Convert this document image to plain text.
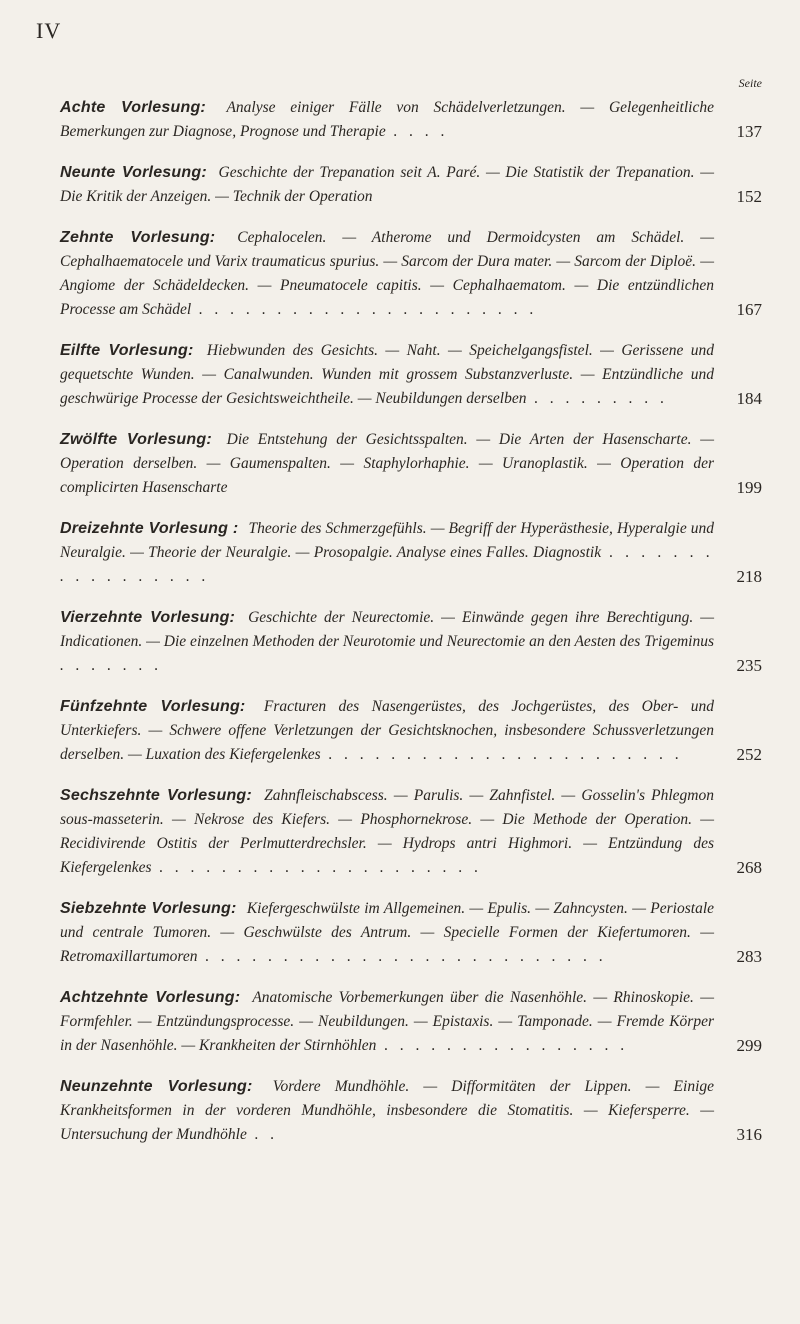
IV
Seite
Achte Vorlesung: Analyse einiger Fälle von Schädelverletzungen. — Gelegenheitliche Bemerkungen zur Diagnose, Prognose und Therapie . . . .	137
Neunte Vorlesung: Geschichte der Trepanation seit A. Paré. — Die Statistik der Trepanation. — Die Kritik der Anzeigen. — Technik der Operation	152
Zehnte Vorlesung: Cephalocelen. — Atherome und Dermoidcysten am Schädel. — Cephalhaematocele und Varix traumaticus spurius. — Sarcom der Dura mater. — Sarcom der Diploë. — Angiome der Schädeldecken. — Pneumatocele capitis. — Cephalhaematom. — Die entzündlichen Processe am Schädel . . . . . . . . . . . . . . . . . . . . . .	167
Eilfte Vorlesung: Hiebwunden des Gesichts. — Naht. — Speichelgangsfistel. — Gerissene und gequetschte Wunden. — Canalwunden. Wunden mit grossem Substanzverluste. — Entzündliche und geschwürige Processe der Gesichtsweichtheile. — Neubildungen derselben . . . . . . . . .	184
Zwölfte Vorlesung: Die Entstehung der Gesichtsspalten. — Die Arten der Hasenscharte. — Operation derselben. — Gaumenspalten. — Staphylorhaphie. — Uranoplastik. — Operation der complicirten Hasenscharte	199
Dreizehnte Vorlesung : Theorie des Schmerzgefühls. — Begriff der Hyperästhesie, Hyperalgie und Neuralgie. — Theorie der Neuralgie. — Prosopalgie. Analyse eines Falles. Diagnostik . . . . . . . . . . . . . . . . .	218
Vierzehnte Vorlesung: Geschichte der Neurectomie. — Einwände gegen ihre Berechtigung. — Indicationen. — Die einzelnen Methoden der Neurotomie und Neurectomie an den Aesten des Trigeminus . . . . . . .	235
Fünfzehnte Vorlesung: Fracturen des Nasengerüstes, des Jochgerüstes, des Ober- und Unterkiefers. — Schwere offene Verletzungen der Gesichtsknochen, insbesondere Schussverletzungen derselben. — Luxation des Kiefergelenkes . . . . . . . . . . . . . . . . . . . . . . .	252
Sechszehnte Vorlesung: Zahnfleischabscess. — Parulis. — Zahnfistel. — Gosselin's Phlegmon sous-masseterin. — Nekrose des Kiefers. — Phosphornekrose. — Die Methode der Operation. — Recidivirende Ostitis der Perlmutterdrechsler. — Hydrops antri Highmori. — Entzündung des Kiefergelenkes . . . . . . . . . . . . . . . . . . . . .	268
Siebzehnte Vorlesung: Kiefergeschwülste im Allgemeinen. — Epulis. — Zahncysten. — Periostale und centrale Tumoren. — Geschwülste des Antrum. — Specielle Formen der Kiefertumoren. — Retromaxillartumoren . . . . . . . . . . . . . . . . . . . . . . . . . .	283
Achtzehnte Vorlesung: Anatomische Vorbemerkungen über die Nasenhöhle. — Rhinoskopie. — Formfehler. — Entzündungsprocesse. — Neubildungen. — Epistaxis. — Tamponade. — Fremde Körper in der Nasenhöhle. — Krankheiten der Stirnhöhlen . . . . . . . . . . . . . . . .	299
Neunzehnte Vorlesung: Vordere Mundhöhle. — Difformitäten der Lippen. — Einige Krankheitsformen in der vorderen Mundhöhle, insbesondere die Stomatitis. — Kiefersperre. — Untersuchung der Mundhöhle . .	316
